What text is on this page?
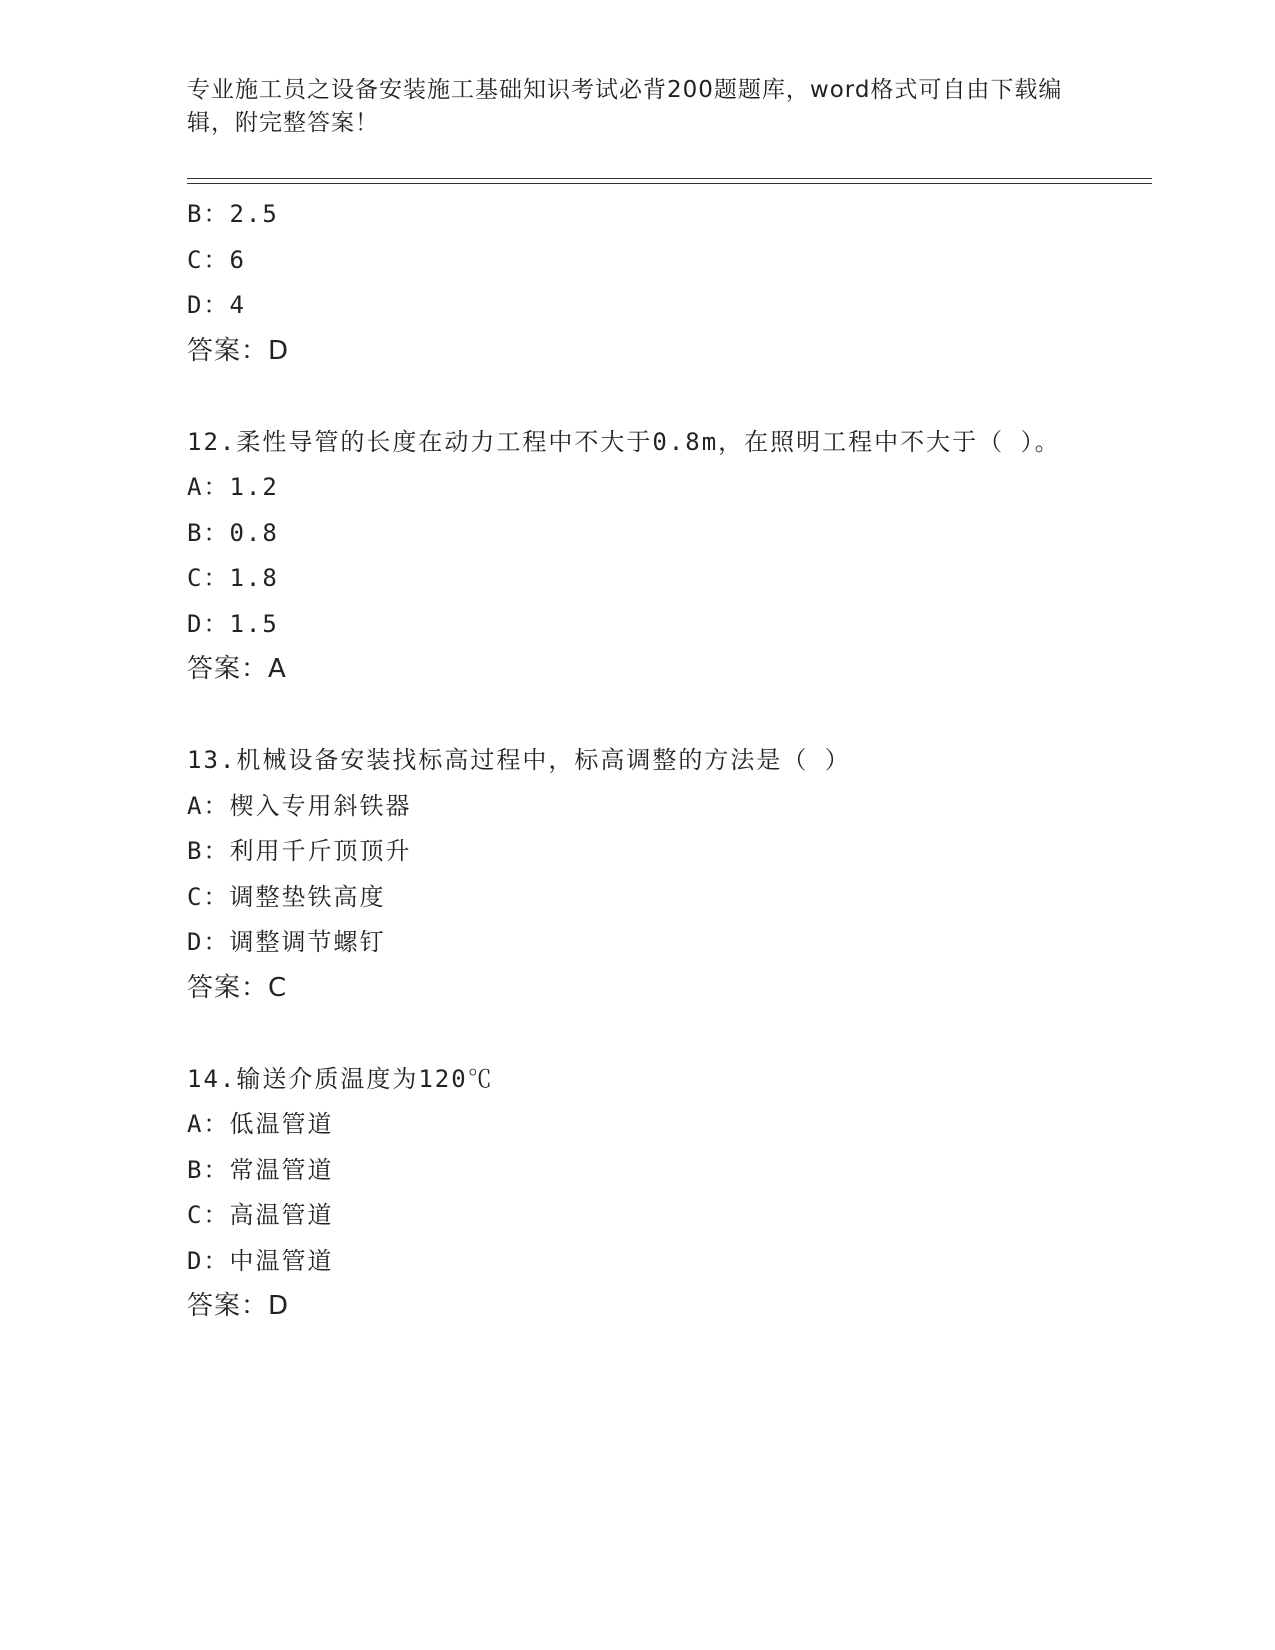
专业施工员之设备安装施工基础知识考试必背200题题库，word格式可自由下载编辑，附完整答案！
B：2.5
C：6
D：4
答案：D
12.柔性导管的长度在动力工程中不大于0.8m，在照明工程中不大于（ ）。
A：1.2
B：0.8
C：1.8
D：1.5
答案：A
13.机械设备安装找标高过程中，标高调整的方法是（ ）
A：楔入专用斜铁器
B：利用千斤顶顶升
C：调整垫铁高度
D：调整调节螺钉
答案：C
14.输送介质温度为120℃
A：低温管道
B：常温管道
C：高温管道
D：中温管道
答案：D
